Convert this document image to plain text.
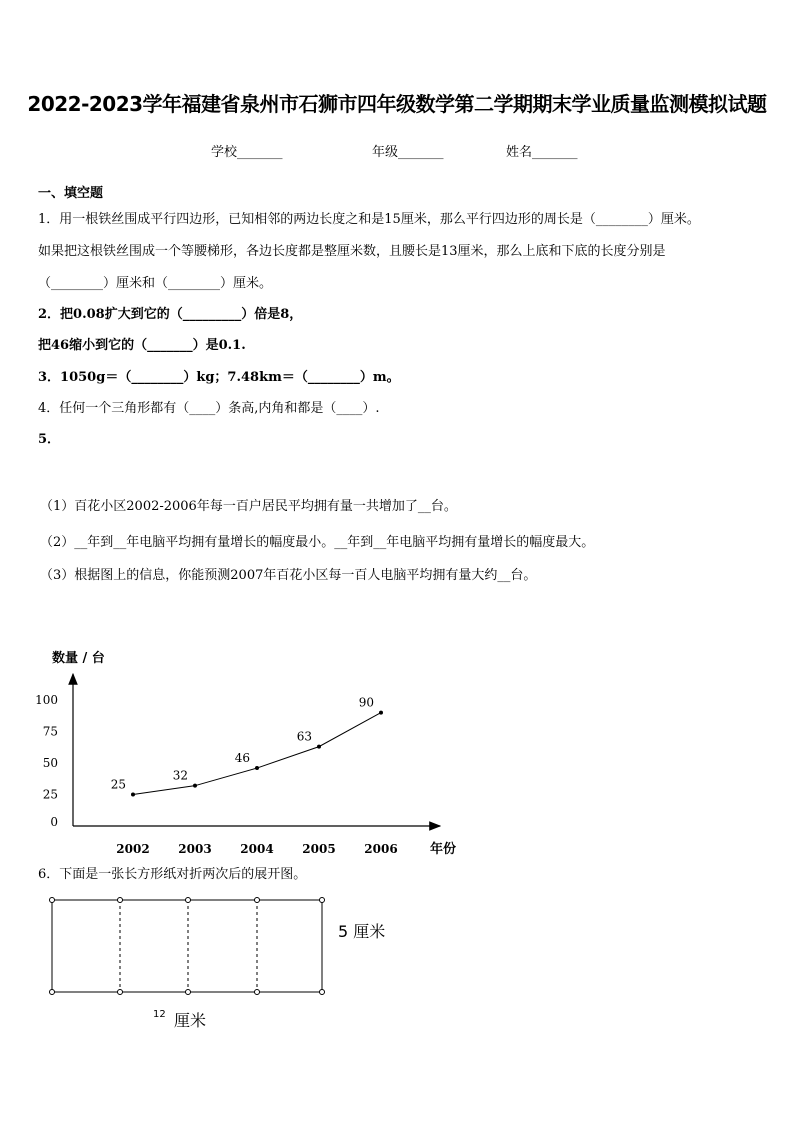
2022-2023学年福建省泉州市石狮市四年级数学第二学期期末学业质量监测模拟试题
学校_______	年级_______	姓名_______
一、填空题
1．用一根铁丝围成平行四边形，已知相邻的两边长度之和是15厘米，那么平行四边形的周长是（________）厘米。
如果把这根铁丝围成一个等腰梯形，各边长度都是整厘米数，且腰长是13厘米，那么上底和下底的长度分别是
（________）厘米和（________）厘米。
2．把0.08扩大到它的（_________）倍是8，
把46缩小到它的（_______）是0.1.
3．1050g＝（________）kg；7.48km＝（________）m。
4．任何一个三角形都有（____）条高,内角和都是（____）.
5．
（1）百花小区2002-2006年每一百户居民平均拥有量一共增加了__台。
（2）__年到__年电脑平均拥有量增长的幅度最小。__年到__年电脑平均拥有量增长的幅度最大。
（3）根据图上的信息，你能预测2007年百花小区每一百人电脑平均拥有量大约__台。
数量 / 台
100
75
50
25
0
2002 2003 2004 2005 2006
25
32
46
63
90
年份
6．下面是一张长方形纸对折两次后的展开图。
5 厘米
12 厘米
